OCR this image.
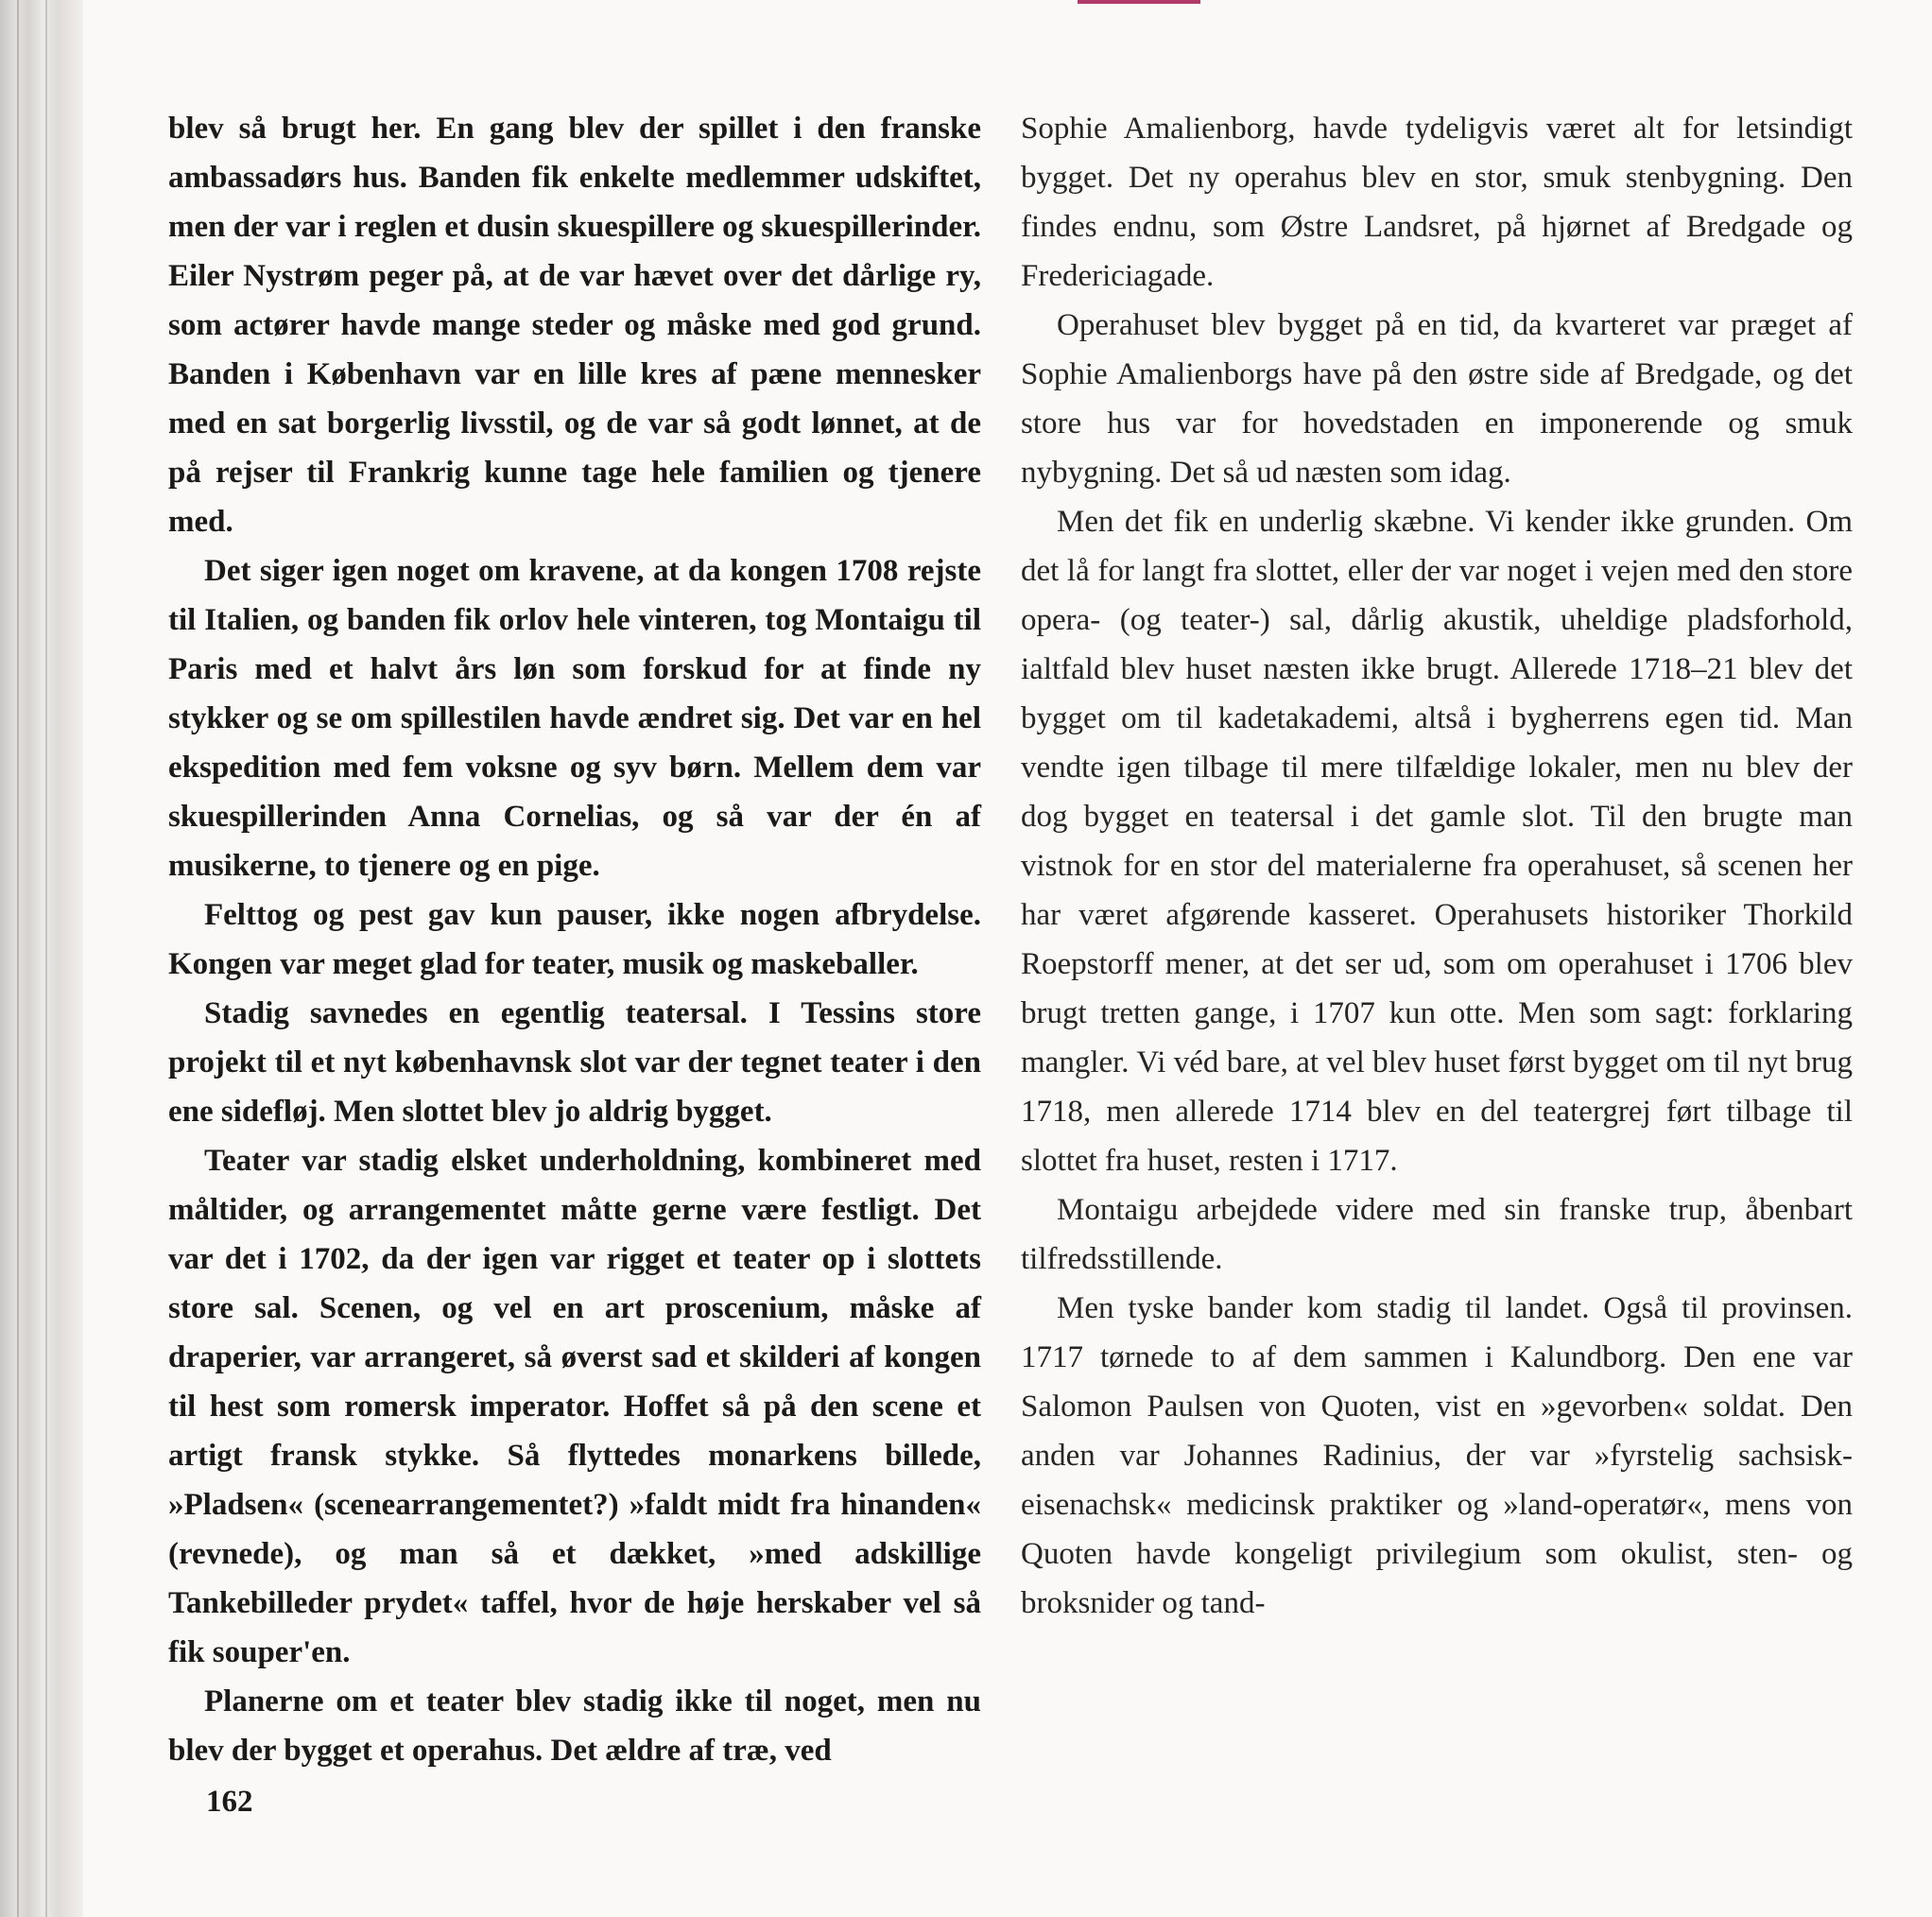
blev så brugt her. En gang blev der spillet i den franske ambassadørs hus. Banden fik enkelte medlemmer udskiftet, men der var i reglen et dusin skuespillere og skuespillerinder. Eiler Nystrøm peger på, at de var hævet over det dårlige ry, som actører havde mange steder og måske med god grund. Banden i København var en lille kres af pæne mennesker med en sat borgerlig livsstil, og de var så godt lønnet, at de på rejser til Frankrig kunne tage hele familien og tjenere med.

Det siger igen noget om kravene, at da kongen 1708 rejste til Italien, og banden fik orlov hele vinteren, tog Montaigu til Paris med et halvt års løn som forskud for at finde ny stykker og se om spillestilen havde ændret sig. Det var en hel ekspedition med fem voksne og syv børn. Mellem dem var skuespillerinden Anna Cornelias, og så var der én af musikerne, to tjenere og en pige.

Felttog og pest gav kun pauser, ikke nogen afbrydelse. Kongen var meget glad for teater, musik og maskeballer.

Stadig savnedes en egentlig teatersal. I Tessins store projekt til et nyt københavnsk slot var der tegnet teater i den ene sidefløj. Men slottet blev jo aldrig bygget.

Teater var stadig elsket underholdning, kombineret med måltider, og arrangementet måtte gerne være festligt. Det var det i 1702, da der igen var rigget et teater op i slottets store sal. Scenen, og vel en art proscenium, måske af draperier, var arrangeret, så øverst sad et skilderi af kongen til hest som romersk imperator. Hoffet så på den scene et artigt fransk stykke. Så flyttedes monarkens billede, »Pladsen« (scenearrangementet?) »faldt midt fra hinanden« (revnede), og man så et dækket, »med adskillige Tankebilleder prydet« taffel, hvor de høje herskaber vel så fik souper'en.

Planerne om et teater blev stadig ikke til noget, men nu blev der bygget et operahus. Det ældre af træ, ved

Sophie Amalienborg, havde tydeligvis været alt for letsindigt bygget. Det ny operahus blev en stor, smuk stenbygning. Den findes endnu, som Østre Landsret, på hjørnet af Bredgade og Fredericiagade.

Operahuset blev bygget på en tid, da kvarteret var præget af Sophie Amalienborgs have på den østre side af Bredgade, og det store hus var for hovedstaden en imponerende og smuk nybygning. Det så ud næsten som idag.

Men det fik en underlig skæbne. Vi kender ikke grunden. Om det lå for langt fra slottet, eller der var noget i vejen med den store opera- (og teater-) sal, dårlig akustik, uheldige pladsforhold, ialtfald blev huset næsten ikke brugt. Allerede 1718–21 blev det bygget om til kadetakademi, altså i bygherrens egen tid. Man vendte igen tilbage til mere tilfældige lokaler, men nu blev der dog bygget en teatersal i det gamle slot. Til den brugte man vistnok for en stor del materialerne fra operahuset, så scenen her har været afgørende kasseret. Operahusets historiker Thorkild Roepstorff mener, at det ser ud, som om operahuset i 1706 blev brugt tretten gange, i 1707 kun otte. Men som sagt: forklaring mangler. Vi véd bare, at vel blev huset først bygget om til nyt brug 1718, men allerede 1714 blev en del teatergrej ført tilbage til slottet fra huset, resten i 1717.

Montaigu arbejdede videre med sin franske trup, åbenbart tilfredsstillende.

Men tyske bander kom stadig til landet. Også til provinsen. 1717 tørnede to af dem sammen i Kalundborg. Den ene var Salomon Paulsen von Quoten, vist en »gevorben« soldat. Den anden var Johannes Radinius, der var »fyrstelig sachsisk-eisenachsk« medicinsk praktiker og »land-operatør«, mens von Quoten havde kongeligt privilegium som okulist, sten- og broksnider og tand-

162
